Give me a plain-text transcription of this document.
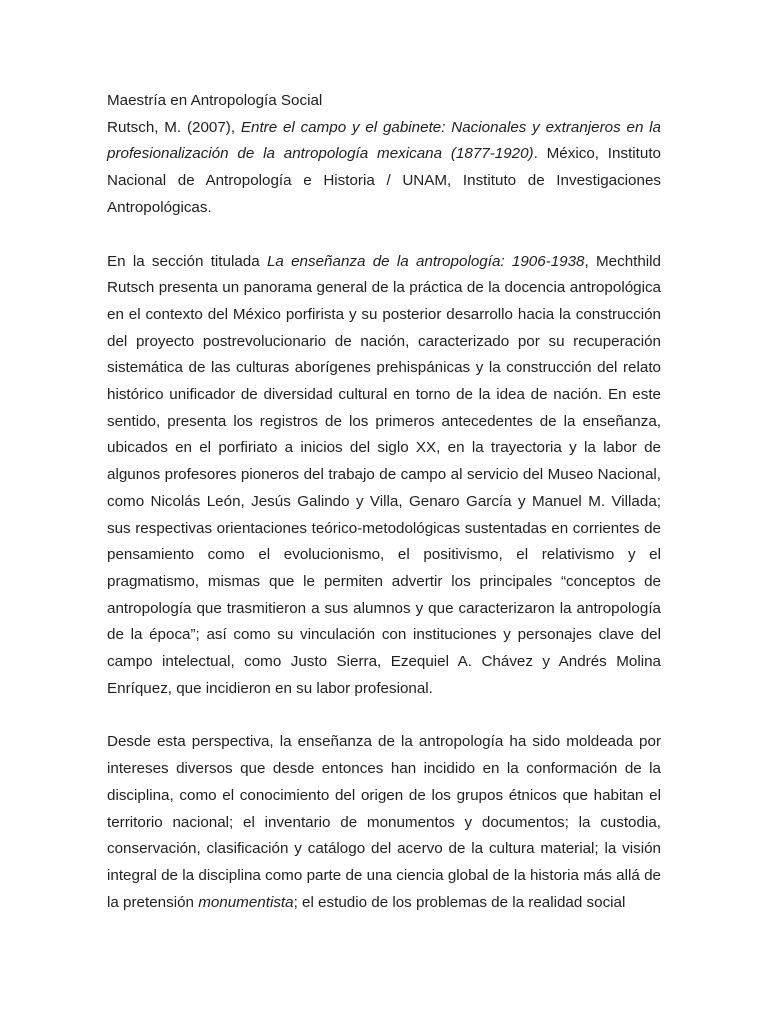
Maestría en Antropología Social

Rutsch, M. (2007), Entre el campo y el gabinete: Nacionales y extranjeros en la profesionalización de la antropología mexicana (1877-1920). México, Instituto Nacional de Antropología e Historia / UNAM, Instituto de Investigaciones Antropológicas.

En la sección titulada La enseñanza de la antropología: 1906-1938, Mechthild Rutsch presenta un panorama general de la práctica de la docencia antropológica en el contexto del México porfirista y su posterior desarrollo hacia la construcción del proyecto postrevolucionario de nación, caracterizado por su recuperación sistemática de las culturas aborígenes prehispánicas y la construcción del relato histórico unificador de diversidad cultural en torno de la idea de nación. En este sentido, presenta los registros de los primeros antecedentes de la enseñanza, ubicados en el porfiriato a inicios del siglo XX, en la trayectoria y la labor de algunos profesores pioneros del trabajo de campo al servicio del Museo Nacional, como Nicolás León, Jesús Galindo y Villa, Genaro García y Manuel M. Villada; sus respectivas orientaciones teórico-metodológicas sustentadas en corrientes de pensamiento como el evolucionismo, el positivismo, el relativismo y el pragmatismo, mismas que le permiten advertir los principales “conceptos de antropología que trasmitieron a sus alumnos y que caracterizaron la antropología de la época”; así como su vinculación con instituciones y personajes clave del campo intelectual, como Justo Sierra, Ezequiel A. Chávez y Andrés Molina Enríquez, que incidieron en su labor profesional.

Desde esta perspectiva, la enseñanza de la antropología ha sido moldeada por intereses diversos que desde entonces han incidido en la conformación de la disciplina, como el conocimiento del origen de los grupos étnicos que habitan el territorio nacional; el inventario de monumentos y documentos; la custodia, conservación, clasificación y catálogo del acervo de la cultura material; la visión integral de la disciplina como parte de una ciencia global de la historia más allá de la pretensión monumentista; el estudio de los problemas de la realidad social
